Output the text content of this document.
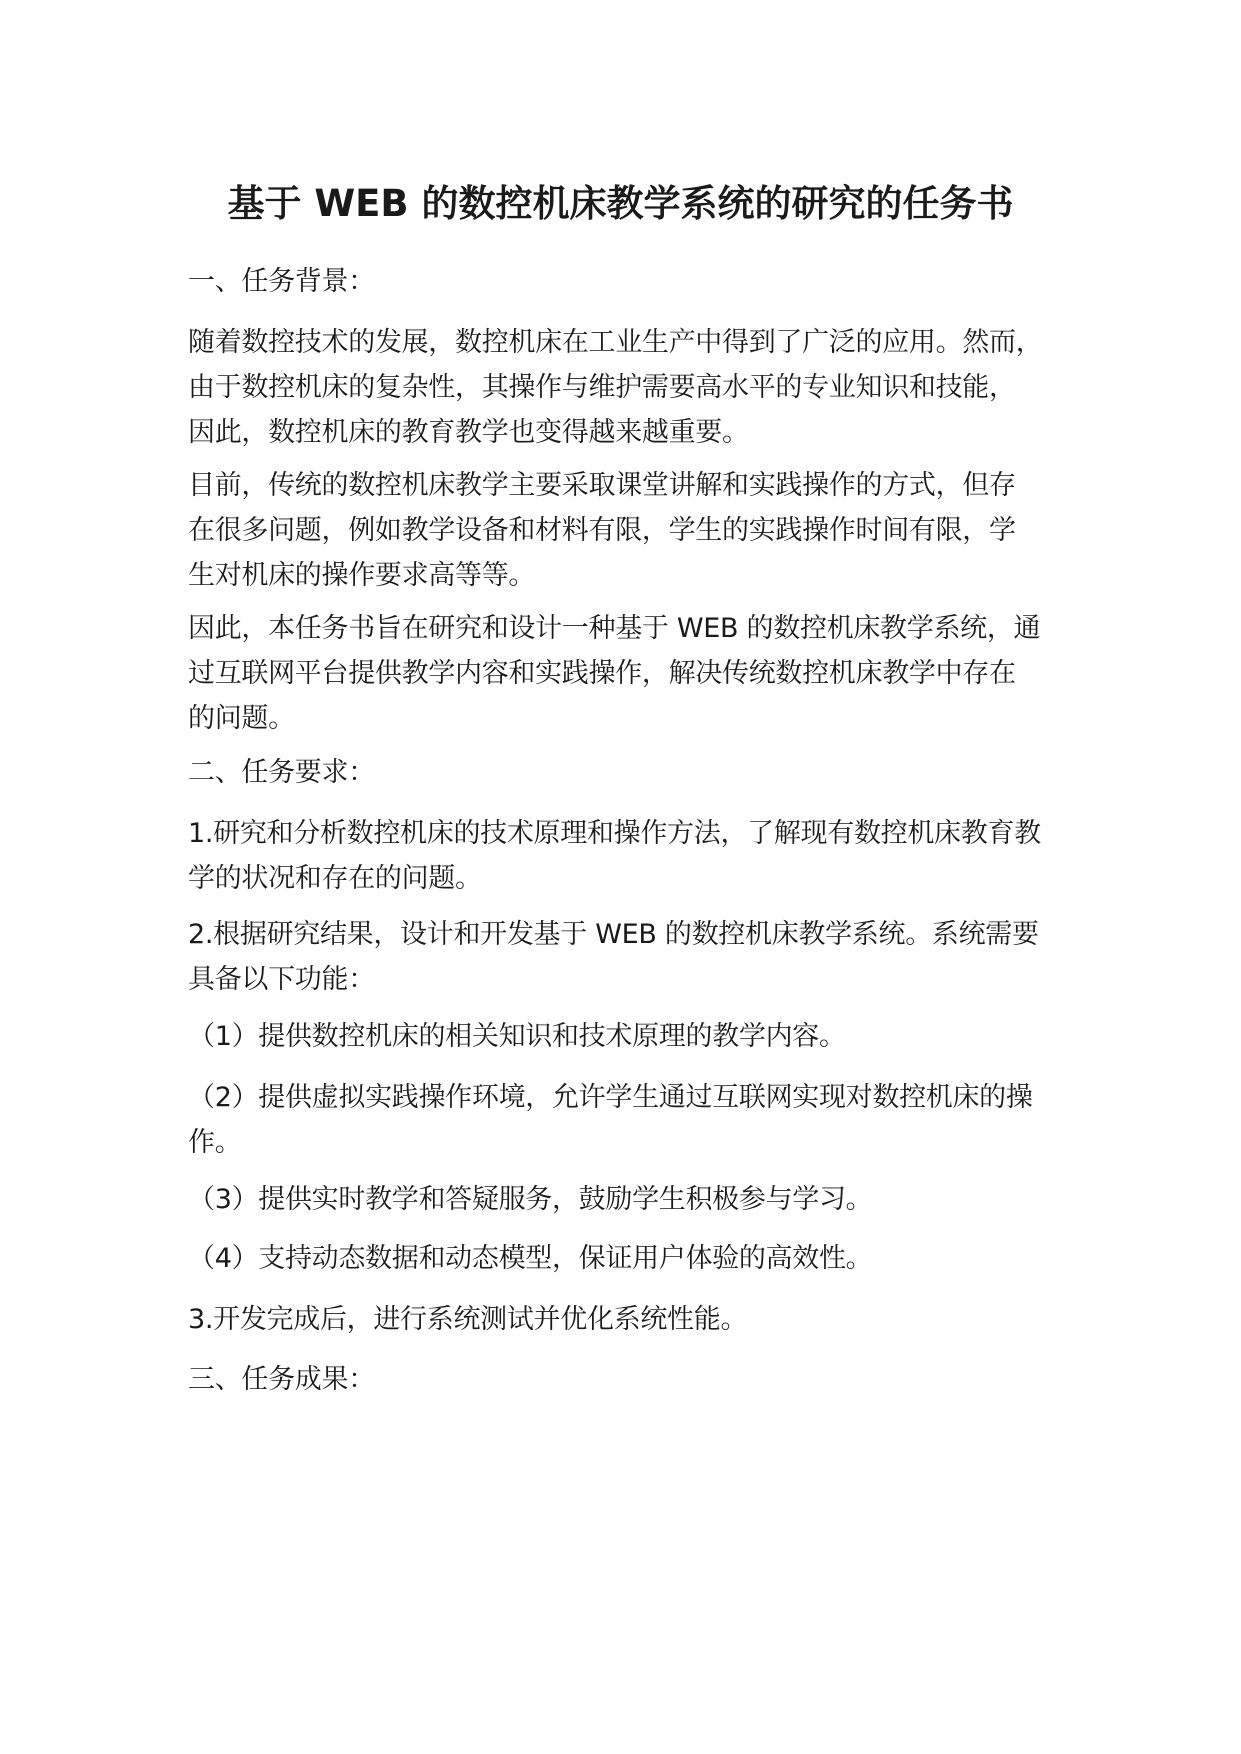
基于 WEB 的数控机床教学系统的研究的任务书

一、任务背景：

随着数控技术的发展，数控机床在工业生产中得到了广泛的应用。然而，
由于数控机床的复杂性，其操作与维护需要高水平的专业知识和技能，
因此，数控机床的教育教学也变得越来越重要。

目前，传统的数控机床教学主要采取课堂讲解和实践操作的方式，但存
在很多问题，例如教学设备和材料有限，学生的实践操作时间有限，学
生对机床的操作要求高等等。

因此，本任务书旨在研究和设计一种基于 WEB 的数控机床教学系统，通
过互联网平台提供教学内容和实践操作，解决传统数控机床教学中存在
的问题。

二、任务要求：

1.研究和分析数控机床的技术原理和操作方法，了解现有数控机床教育教
学的状况和存在的问题。

2.根据研究结果，设计和开发基于 WEB 的数控机床教学系统。系统需要
具备以下功能：

（1）提供数控机床的相关知识和技术原理的教学内容。

（2）提供虚拟实践操作环境，允许学生通过互联网实现对数控机床的操
作。

（3）提供实时教学和答疑服务，鼓励学生积极参与学习。

（4）支持动态数据和动态模型，保证用户体验的高效性。

3.开发完成后，进行系统测试并优化系统性能。

三、任务成果：
